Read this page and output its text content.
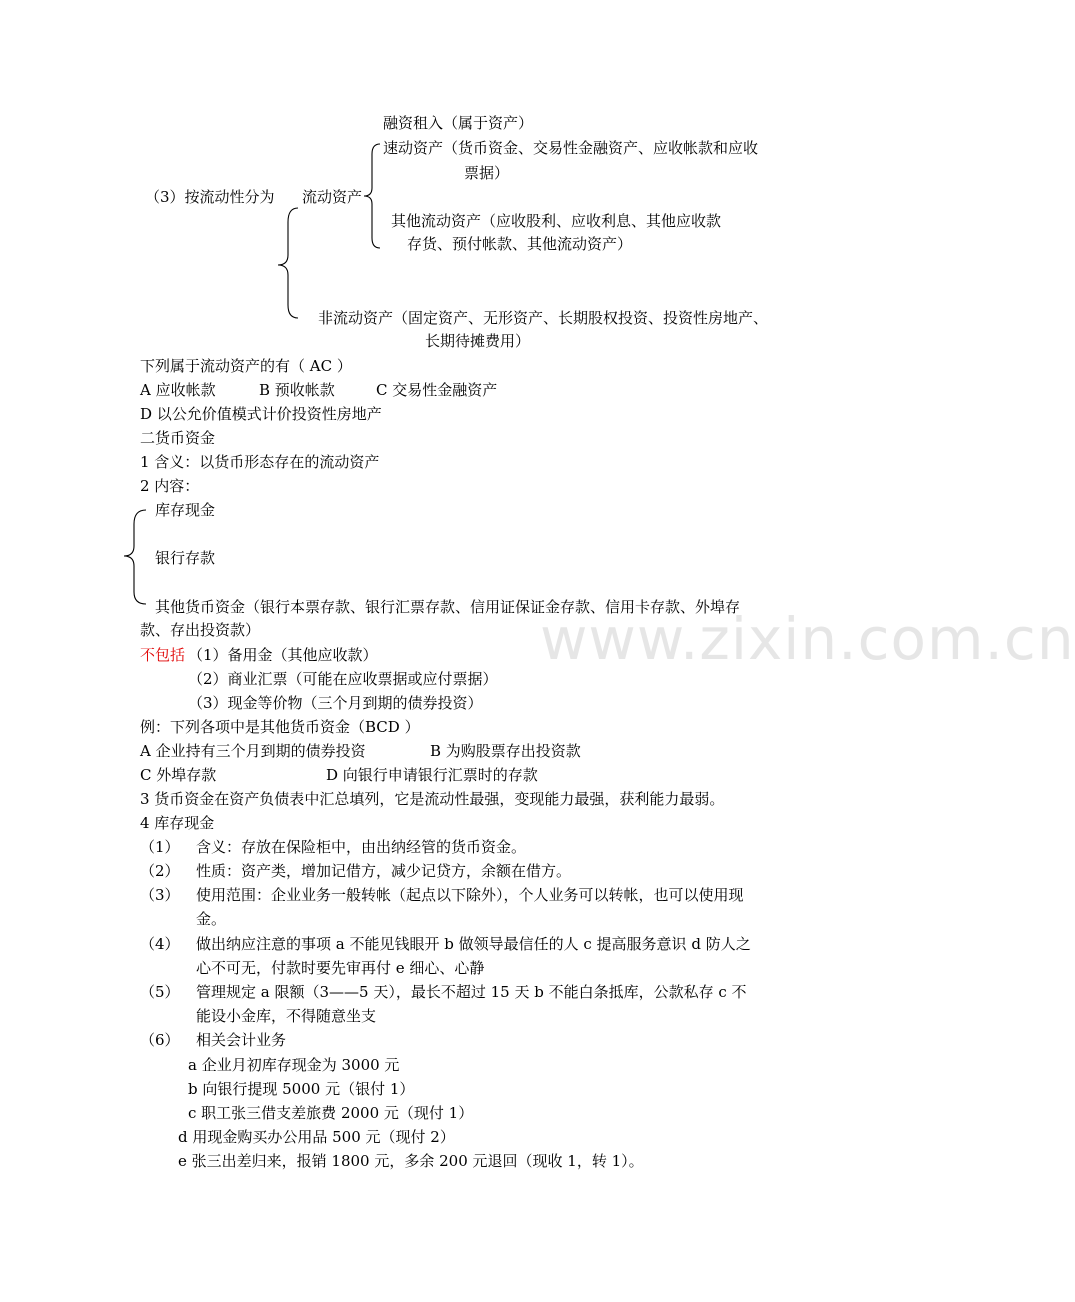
www.zixin.com.cn
融资租入（属于资产）
速动资产（货币资金、交易性金融资产、应收帐款和应收
票据）
（3）按流动性分为 流动资产
其他流动资产（应收股利、应收利息、其他应收款
存货、预付帐款、其他流动资产）
非流动资产（固定资产、无形资产、长期股权投资、投资性房地产、
长期待摊费用）
下列属于流动资产的有（ AC ）
A 应收帐款	B 预收帐款	C 交易性金融资产
D 以公允价值模式计价投资性房地产
二货币资金
1 含义：以货币形态存在的流动资产
2 内容：
库存现金
银行存款
其他货币资金（银行本票存款、银行汇票存款、信用证保证金存款、信用卡存款、外埠存
款、存出投资款）
不包括 （1）备用金（其他应收款）
（2）商业汇票（可能在应收票据或应付票据）
（3）现金等价物（三个月到期的债券投资）
例：下列各项中是其他货币资金（BCD ）
A 企业持有三个月到期的债券投资	B 为购股票存出投资款
C 外埠存款	D 向银行申请银行汇票时的存款
3 货币资金在资产负债表中汇总填列，它是流动性最强，变现能力最强，获利能力最弱。
4 库存现金
（1） 含义：存放在保险柜中，由出纳经管的货币资金。
（2） 性质：资产类，增加记借方，减少记贷方，余额在借方。
（3） 使用范围：企业业务一般转帐（起点以下除外），个人业务可以转帐，也可以使用现
金。
（4） 做出纳应注意的事项 a 不能见钱眼开 b 做领导最信任的人 c 提高服务意识 d 防人之
心不可无，付款时要先审再付 e 细心、心静
（5） 管理规定 a 限额（3——5 天），最长不超过 15 天 b 不能白条抵库，公款私存 c 不
能设小金库，不得随意坐支
（6） 相关会计业务
a 企业月初库存现金为 3000 元
b 向银行提现 5000 元（银付 1）
c 职工张三借支差旅费 2000 元（现付 1）
d 用现金购买办公用品 500 元（现付 2）
e 张三出差归来，报销 1800 元，多余 200 元退回（现收 1，转 1）。
